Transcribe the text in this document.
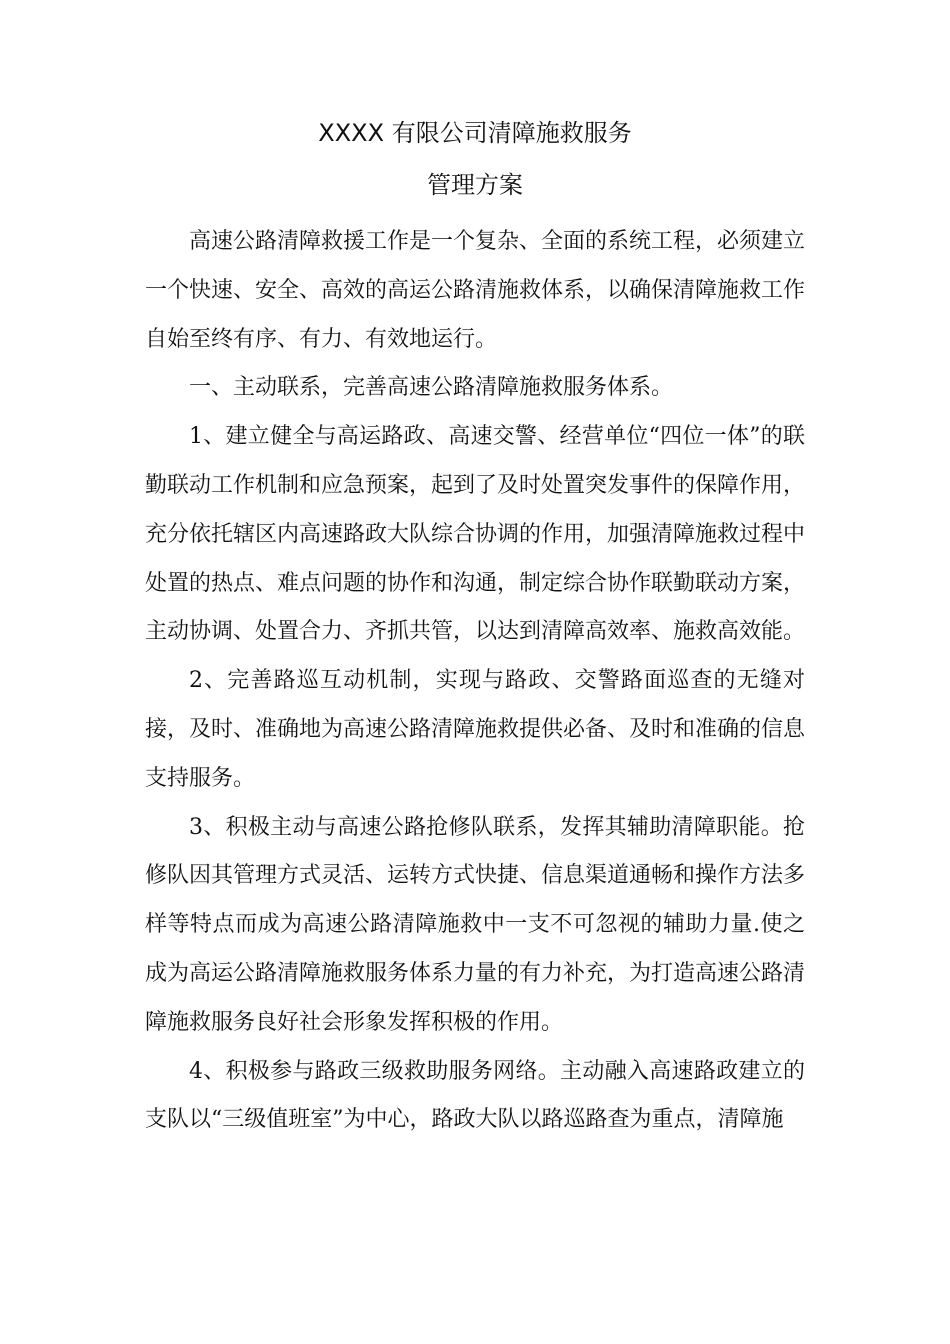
XXXX 有限公司清障施救服务
管理方案

高速公路清障救援工作是一个复杂、全面的系统工程，必须建立一个快速、安全、高效的高运公路清施救体系，以确保清障施救工作自始至终有序、有力、有效地运行。

一、主动联系，完善高速公路清障施救服务体系。

1、建立健全与高运路政、高速交警、经营单位“四位一体”的联勤联动工作机制和应急预案，起到了及时处置突发事件的保障作用，充分依托辖区内高速路政大队综合协调的作用，加强清障施救过程中处置的热点、难点问题的协作和沟通，制定综合协作联勤联动方案，主动协调、处置合力、齐抓共管，以达到清障高效率、施救高效能。

2、完善路巡互动机制，实现与路政、交警路面巡查的无缝对接，及时、准确地为高速公路清障施救提供必备、及时和准确的信息支持服务。

3、积极主动与高速公路抢修队联系，发挥其辅助清障职能。抢修队因其管理方式灵活、运转方式快捷、信息渠道通畅和操作方法多样等特点而成为高速公路清障施救中一支不可忽视的辅助力量.使之成为高运公路清障施救服务体系力量的有力补充，为打造高速公路清障施救服务良好社会形象发挥积极的作用。

4、积极参与路政三级救助服务网络。主动融入高速路政建立的支队以“三级值班室”为中心，路政大队以路巡路查为重点，清障施
